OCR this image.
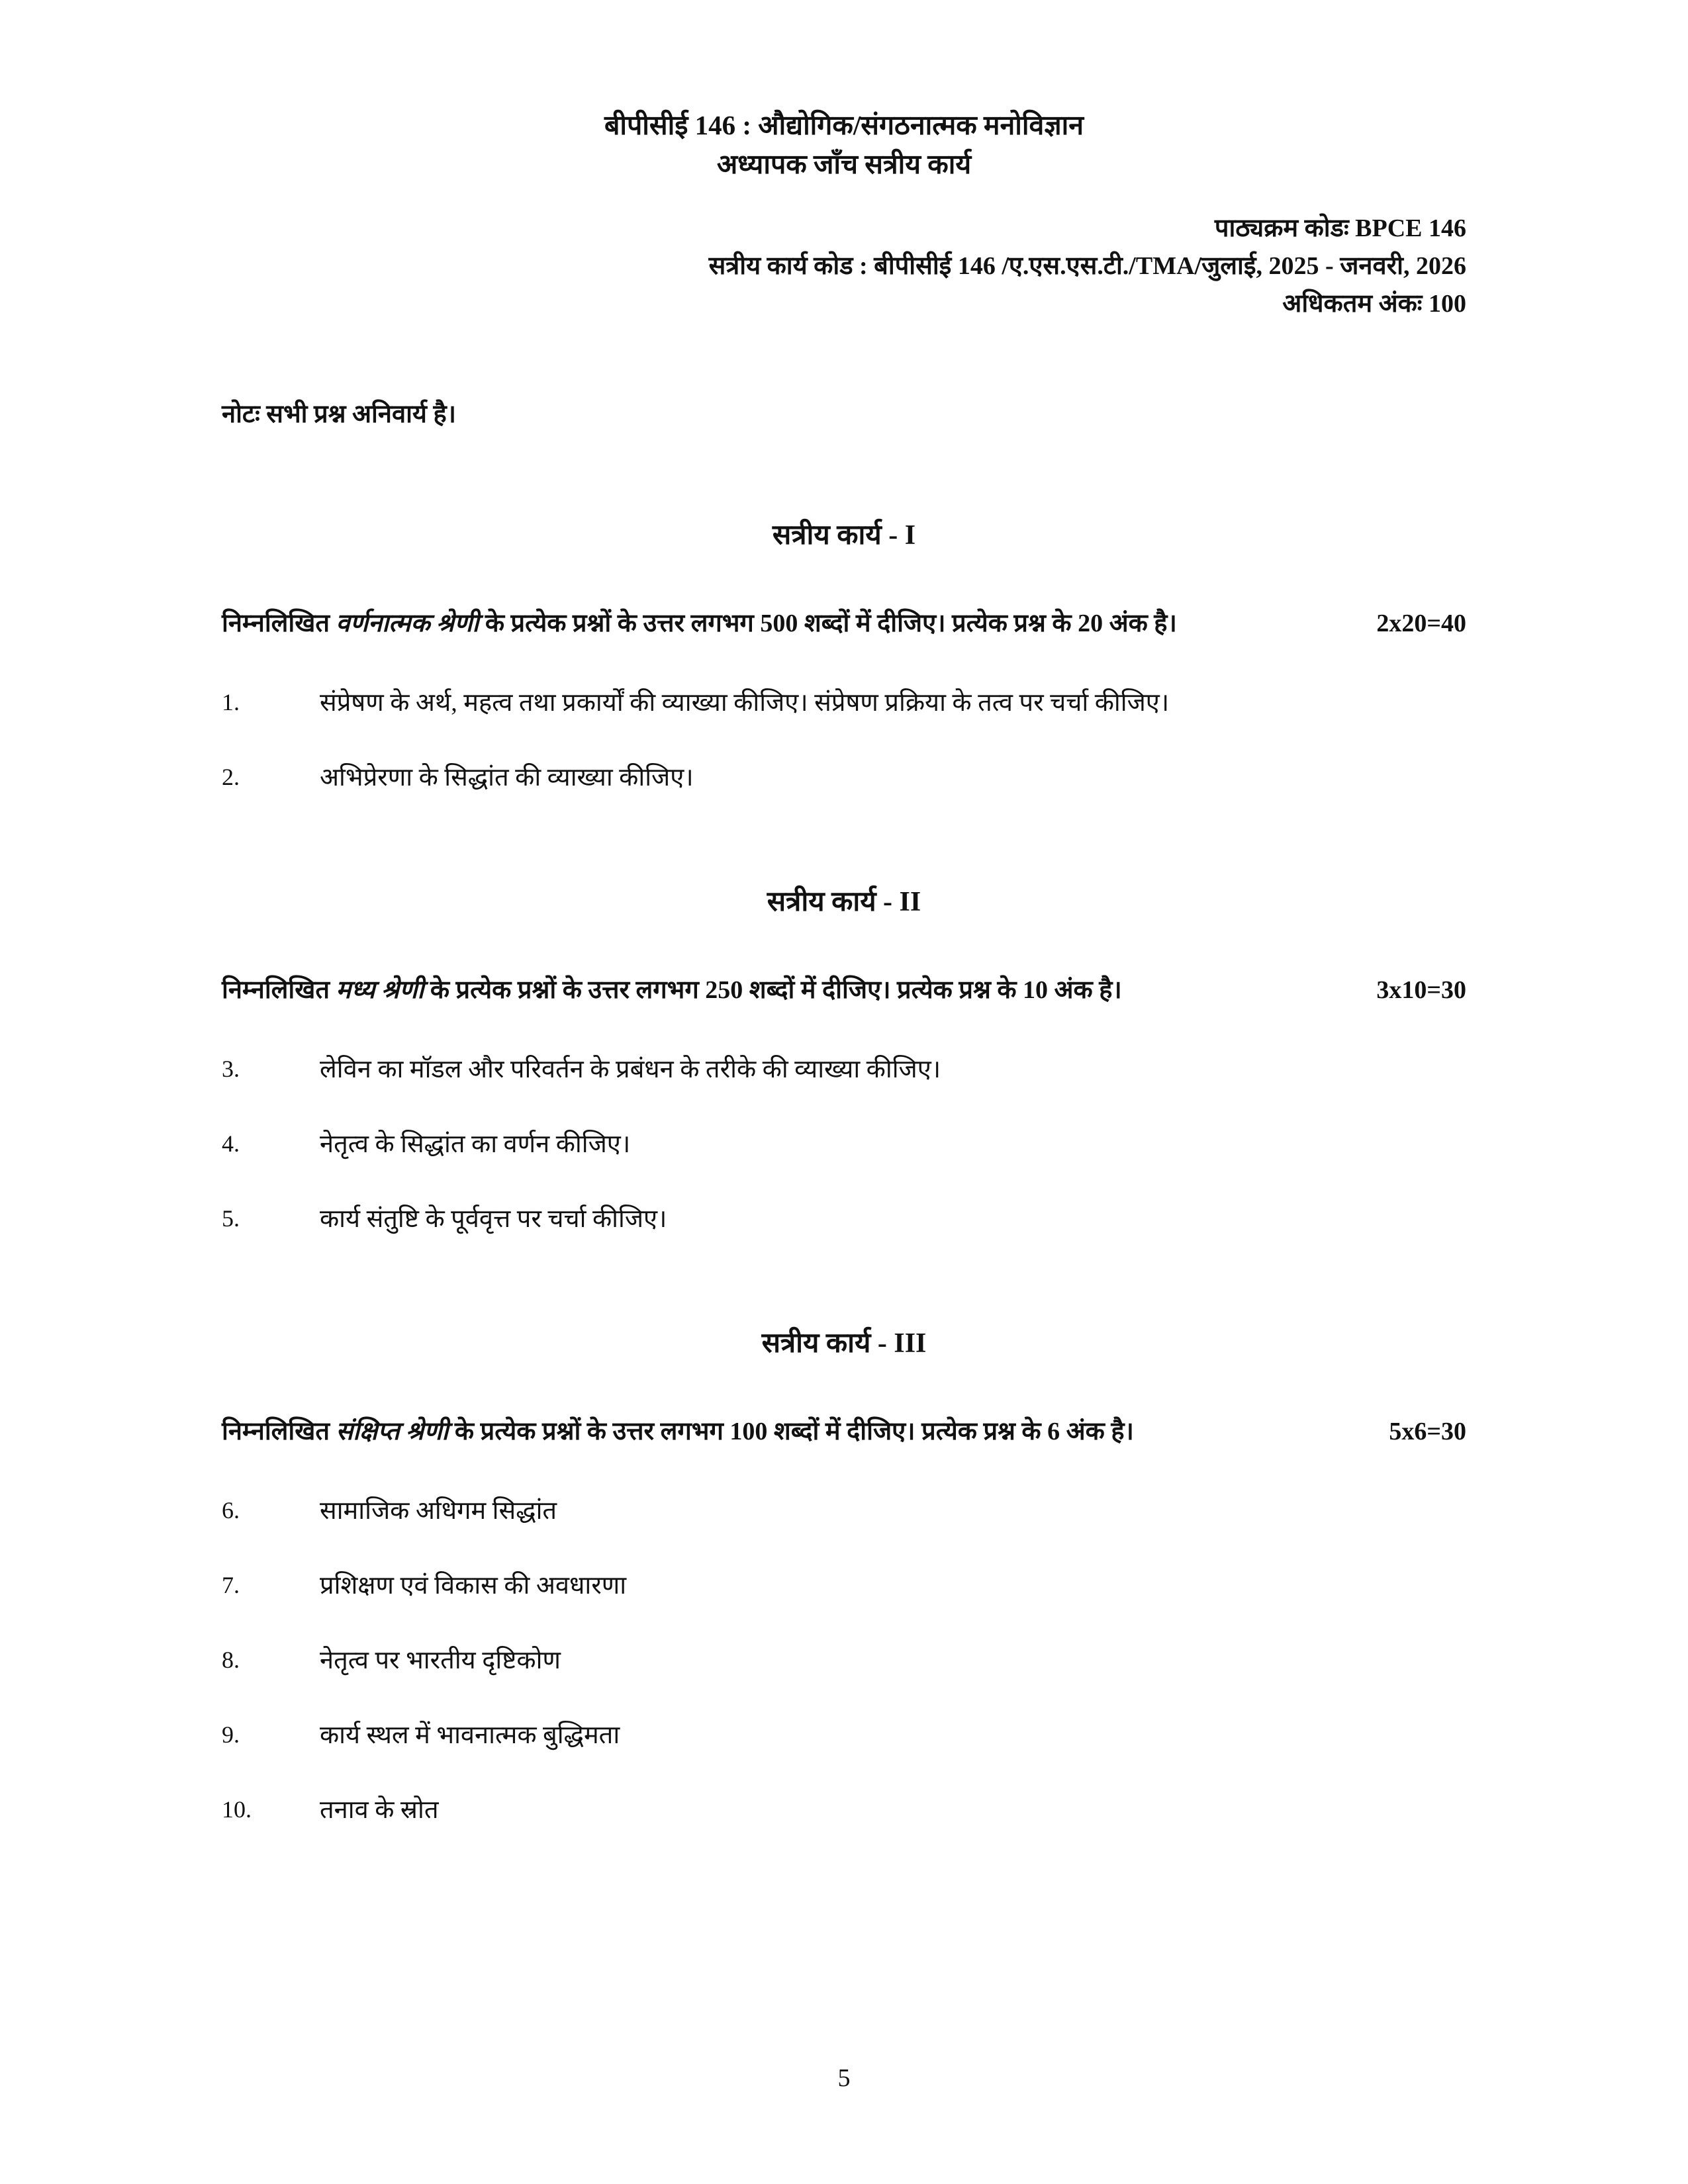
बीपीसीई 146 : औद्योगिक/संगठनात्मक मनोविज्ञान
अध्यापक जाँच सत्रीय कार्य
पाठ्यक्रम कोडः BPCE 146
सत्रीय कार्य कोड : बीपीसीई 146 /ए.एस.एस.टी./TMA/जुलाई, 2025 - जनवरी, 2026
अधिकतम अंकः 100
नोटः सभी प्रश्न अनिवार्य है।
सत्रीय कार्य - I
निम्नलिखित वर्णनात्मक श्रेणी के प्रत्येक प्रश्नों के उत्तर लगभग 500 शब्दों में दीजिए। प्रत्येक प्रश्न के 20 अंक है।	2x20=40
1.	संप्रेषण के अर्थ, महत्व तथा प्रकार्यों की व्याख्या कीजिए। संप्रेषण प्रक्रिया के तत्व पर चर्चा कीजिए।
2.	अभिप्रेरणा के सिद्धांत की व्याख्या कीजिए।
सत्रीय कार्य - II
निम्नलिखित मध्य श्रेणी के प्रत्येक प्रश्नों के उत्तर लगभग 250 शब्दों में दीजिए। प्रत्येक प्रश्न के 10 अंक है।	3x10=30
3.	लेविन का मॉडल और परिवर्तन के प्रबंधन के तरीके की व्याख्या कीजिए।
4.	नेतृत्व के सिद्धांत का वर्णन कीजिए।
5.	कार्य संतुष्टि के पूर्ववृत्त पर चर्चा कीजिए।
सत्रीय कार्य - III
निम्नलिखित संक्षिप्त श्रेणी के प्रत्येक प्रश्नों के उत्तर लगभग 100 शब्दों में दीजिए। प्रत्येक प्रश्न के 6 अंक है।	5x6=30
6.	सामाजिक अधिगम सिद्धांत
7.	प्रशिक्षण एवं विकास की अवधारणा
8.	नेतृत्व पर भारतीय दृष्टिकोण
9.	कार्य स्थल में भावनात्मक बुद्धिमता
10.	तनाव के स्रोत
5
